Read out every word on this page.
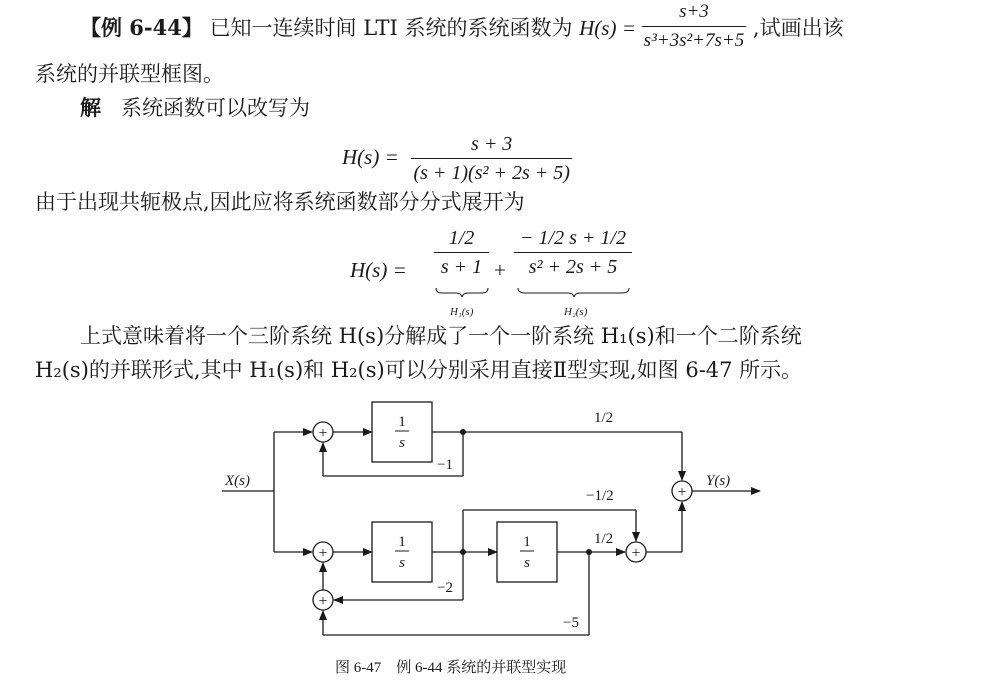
【例 6-44】 已知一连续时间 LTI 系统的系统函数为 $H(s) = \frac{s+3}{\text{s³+3s²+7s+5}}$ ,试画出该
系统的并联型框图。
解 系统函数可以改写为
$H(s) = \frac{s + 3}{\text{(s + 1)(s² + 2s + 5)}}$
由于出现共轭极点,因此应将系统函数部分分式展开为
H(s) =
1/2
s + 1 +
− 1/2 s + 1/2
s² + 2s + 5
H₁(s)	H₂(s)
上式意味着将一个三阶系统 H(s)分解成了一个一阶系统 H₁(s)和一个二阶系统
H₂(s)的并联形式,其中 H₁(s)和 H₂(s)可以分别采用直接Ⅱ型实现,如图 6-47 所示。
+
+
+
+
+
1
s
1
s
1
s
X(s)	Y(s)
1/2
−1
−1/2
1/2
−2
−5
图 6-47　例 6-44 系统的并联型实现
